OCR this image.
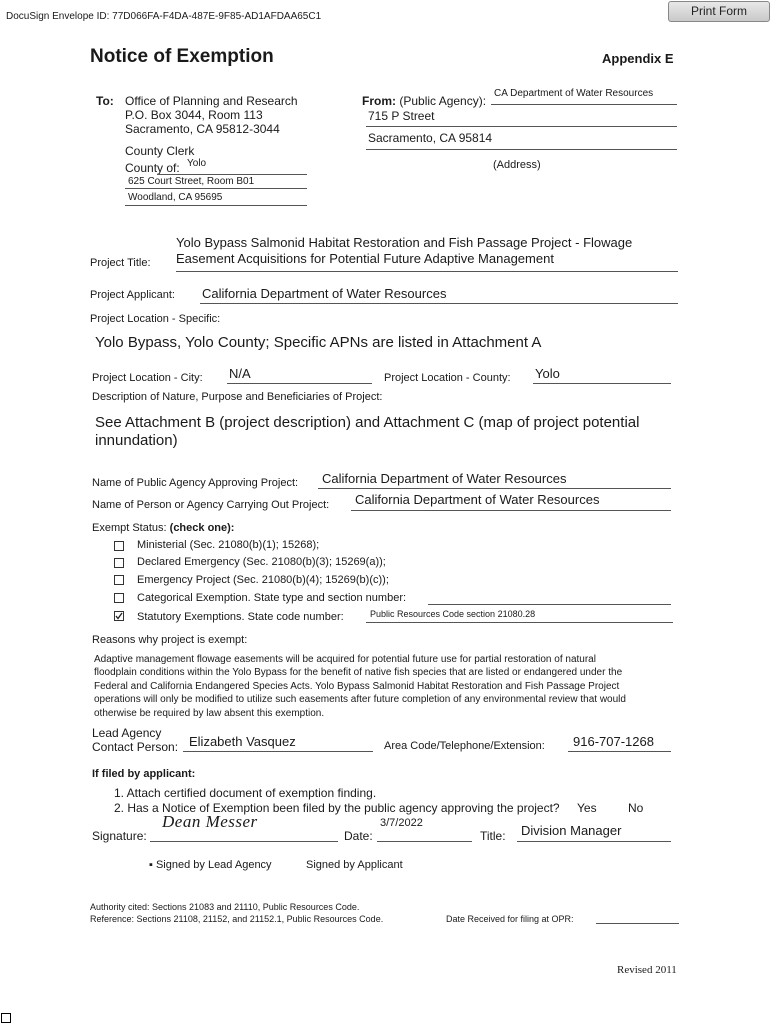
DocuSign Envelope ID: 77D066FA-F4DA-487E-9F85-AD1AFDAA65C1	Print Form
Notice of Exemption	Appendix E
To: Office of Planning and Research
P.O. Box 3044, Room 113
Sacramento, CA 95812-3044
County Clerk
County of: Yolo
625 Court Street, Room B01
Woodland, CA 95695
From: (Public Agency):
CA Department of Water Resources
715 P Street
Sacramento, CA 95814
(Address)
Yolo Bypass Salmonid Habitat Restoration and Fish Passage Project - Flowage
Easement Acquisitions for Potential Future Adaptive Management
Project Title:
Project Applicant: California Department of Water Resources
Project Location - Specific:
Yolo Bypass, Yolo County; Specific APNs are listed in Attachment A
Project Location - City: N/A	Project Location - County: Yolo
Description of Nature, Purpose and Beneficiaries of Project:
See Attachment B (project description) and Attachment C (map of project potential
innundation)
Name of Public Agency Approving Project: California Department of Water Resources
Name of Person or Agency Carrying Out Project: California Department of Water Resources
Exempt Status: (check one):
Ministerial (Sec. 21080(b)(1); 15268);
Declared Emergency (Sec. 21080(b)(3); 15269(a));
Emergency Project (Sec. 21080(b)(4); 15269(b)(c));
Categorical Exemption. State type and section number:
Statutory Exemptions. State code number:	Public Resources Code section 21080.28
Reasons why project is exempt:
Adaptive management flowage easements will be acquired for potential future use for partial restoration of natural
floodplain conditions within the Yolo Bypass for the benefit of native fish species that are listed or endangered under the
Federal and California Endangered Species Acts. Yolo Bypass Salmonid Habitat Restoration and Fish Passage Project
operations will only be modified to utilize such easements after future completion of any environmental review that would
otherwise be required by law absent this exemption.
Lead Agency
Contact Person: Elizabeth Vasquez	Area Code/Telephone/Extension: 916-707-1268
If filed by applicant:
1. Attach certified document of exemption finding.
2. Has a Notice of Exemption been filed by the public agency approving the project? Yes	No
Signature:
Dean Messer
Date:
3/7/2022
Title: Division Manager
▪ Signed by Lead Agency	Signed by Applicant
Authority cited: Sections 21083 and 21110, Public Resources Code.
Reference: Sections 21108, 21152, and 21152.1, Public Resources Code.	Date Received for filing at OPR:
Revised 2011
